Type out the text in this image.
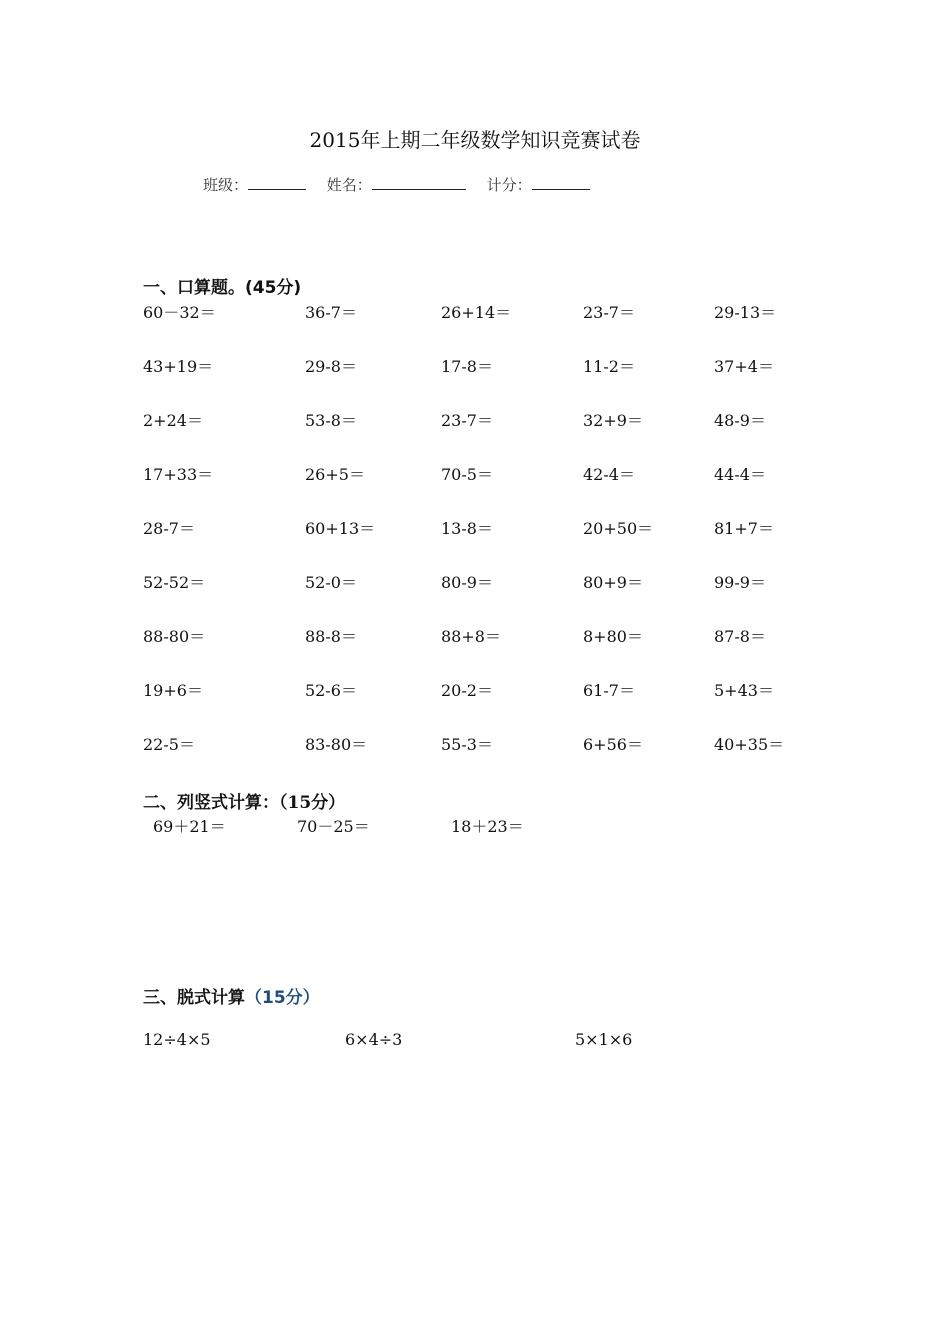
2015年上期二年级数学知识竞赛试卷
班级：	姓名：	计分：
一、口算题。(45分)
60－32＝	36-7＝	26+14＝	23-7＝	29-13＝
43+19＝	29-8＝	17-8＝	11-2＝	37+4＝
2+24＝	53-8＝	23-7＝	32+9＝	48-9＝
17+33＝	26+5＝	70-5＝	42-4＝	44-4＝
28-7＝	60+13＝	13-8＝	20+50＝	81+7＝
52-52＝	52-0＝	80-9＝	80+9＝	99-9＝
88-80＝	88-8＝	88+8＝	8+80＝	87-8＝
19+6＝	52-6＝	20-2＝	61-7＝	5+43＝
22-5＝	83-80＝	55-3＝	6+56＝	40+35＝
二、列竖式计算：（15分）
69＋21＝	70－25＝	18＋23＝
三、脱式计算（15分）
12÷4×5	6×4÷3	5×1×6
